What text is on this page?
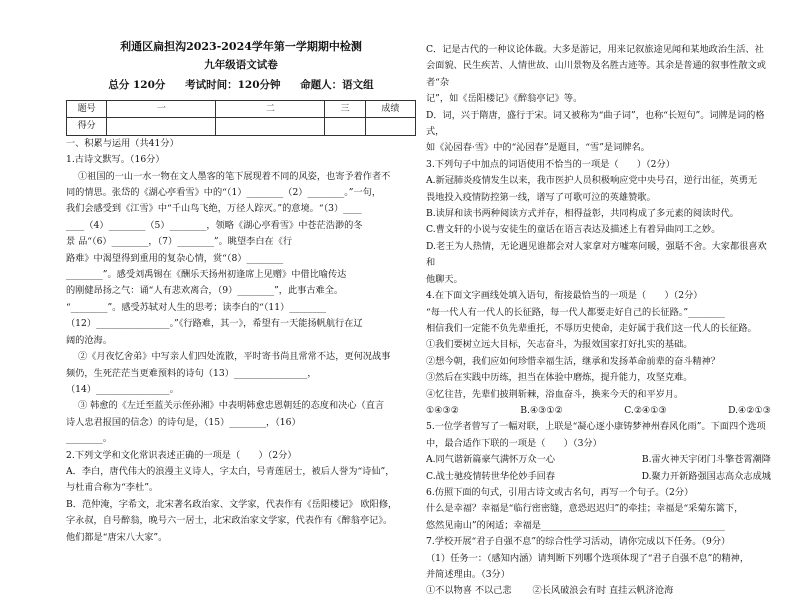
利通区扁担沟2023-2024学年第一学期期中检测
九年级语文试卷
总分 120分 考试时间：120分钟 命题人：语文组
题号	一	二	三	成绩
得分				

一、积累与运用（共41分）

1.古诗文默写。（16分）

①祖国的一山一水一物在文人墨客的笔下展现着不同的风姿，也寄予着作者不

同的情思。张岱的《湖心亭看雪》中的“（1）________（2）________。”一句，

我们会感受到《江雪》中“千山鸟飞绝，万径人踪灭。”的意境。“（3）____

____（4）________（5）________，领略《湖心亭看雪》中苍茫浩渺的冬

景 品“（6）________，（7）________”。眺望李白在《行

路难》中渴望得到重用的复杂心情，赏“（8）________

________”。感受刘禹锡在《酬乐天扬州初逢席上见赠》中借比喻传达

的刚健昂扬之气：诵“人有悲欢离合，（9）________”，此事古难全。

“________”。感受苏轼对人生的思考；读李白的“（11）________

（12）________________。”《行路难，其一》，希望有一天能扬帆航行在辽

阔的沧海。

②《月夜忆舍弟》中写亲人们四处流散，平时寄书尚且常常不达，更何况战事

频仍，生死茫茫当更难预料的诗句（13）________________，

（14）________________。

③ 韩愈的《左迁至蓝关示侄孙湘》中表明韩愈忠恩朝廷的态度和决心（直言

诗人忠君报国的信念）的诗句是，（15）________，（16）

________。

2.下列文学和文化常识表述正确的一项是（　　）（2分）

A．李白，唐代伟大的浪漫主义诗人，字太白，号青莲居士，被后人誉为“诗仙”，

与杜甫合称为“李杜”。

B．范仲淹，字希文，北宋著名政治家、文学家，代表作有《岳阳楼记》 欧阳修，

字永叔，自号醉翁，晚号六一居士，北宋政治家文学家，代表作有《醉翁亭记》。

他们都是“唐宋八大家”。

C．记是古代的一种议论体裁。大多是游记，用来记叙旅途见闻和某地政治生活、社

会面貌、民生疾苦、人情世故、山川景物及名胜古迹等。其余是普通的叙事性散文或者“杂

记”，如《岳阳楼记》《醉翁亭记》等。

D．词，兴于隋唐，盛行于宋。词又被称为“曲子词”，也称“长短句”。词牌是词的格式，

如《沁园春·雪》中的“沁园春”是题目，“雪”是词牌名。

3.下列句子中加点的词语使用不恰当的一项是（　　）（2分）

A.新冠肺炎疫情发生以来，我市医护人员积极响应党中央号召，逆行出征，英勇无

畏地投入疫情防控第一线，谱写了可歌可泣的英雄赞歌。

B.读屏和读书两种阅读方式并存，相得益彰，共同构成了多元素的阅读时代。

C.曹文轩的小说与安徒生的童话在语言表达及描述上有着异曲同工之妙。

D.老王为人热情，无论遇见谁都会对人家拿对方嘘寒问暖，强聒不舍。大家都很喜欢和

他聊天。

4.在下面文字画线处填入语句，衔接最恰当的一项是（　　）（2分）

“每一代人有一代人的长征路，每一代人都要走好自己的长征路。”________

相信我们一定能不负先辈重托，不辱历史使命，走好属于我们这一代人的长征路。

①我们要树立远大目标，矢志奋斗，为报效国家打好扎实的基础。

②想今朝，我们应如何珍惜幸福生活，继承和发扬革命前辈的奋斗精神？

③然后在实践中历练，担当在体验中磨炼，提升能力，攻坚克难。

④忆往昔，先辈们披荆斩棘，浴血奋斗，换来今天的和平岁月。

①④③②	B.④③①②	C.②④①③	D.④②①③

5.一位学者曾写了一幅对联，上联是“凝心逐小康铸梦神州春风化雨”。下面四个选项

中，最合适作下联的一项是（　　）（3分）

A.同气谐新篇豪气满怀万众一心	B.雷火神天宇闭门斗擎苍霄潮降
C.战士驰疫情转世华伦妙手回春	D.聚力开新路强国志高众志成城

6.仿照下面的句式，引用古诗文或古名句，再写一个句子。（2分）

什么是幸福？幸福是“临行密密缝，意恐迟迟归”的牵挂；幸福是“采菊东篱下，

悠然见南山”的闲适；幸福是________________________________________

7.学校开展“君子自强不息”的综合性学习活动，请你完成以下任务。（9分）

（1）任务一：（感知内涵）请判断下列哪个选项体现了“君子自强不息”的精神，

并简述理由。（3分）

①不以物喜 不以己悲 ②长风破浪会有时 直挂云帆济沧海
